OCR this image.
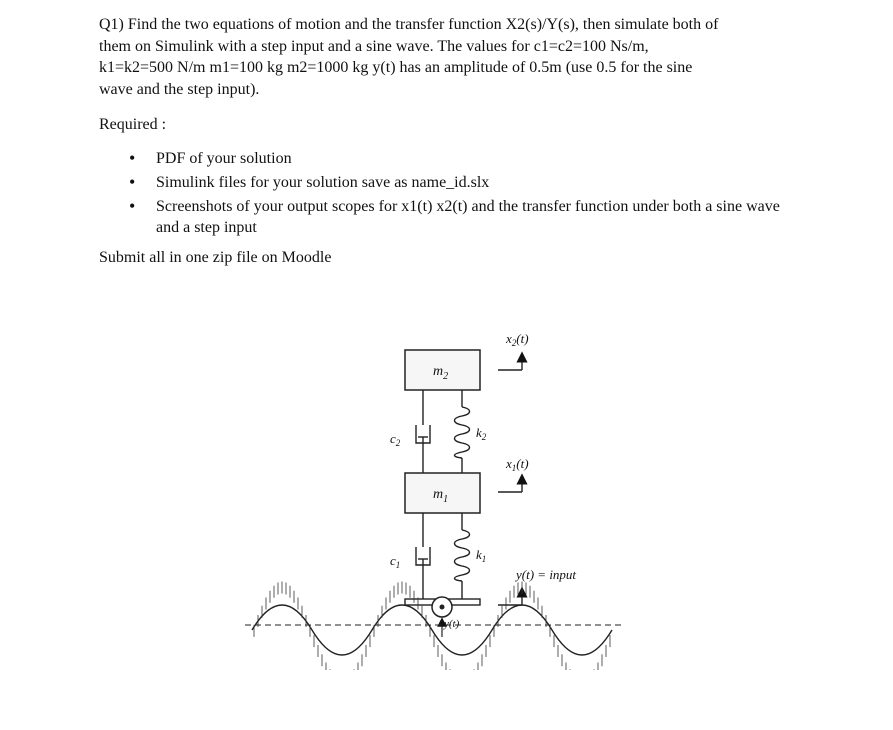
Q1) Find the two equations of motion and the transfer function X2(s)/Y(s), then simulate both of
them on Simulink with a step input and a sine wave. The values for c1=c2=100 Ns/m,
k1=k2=500 N/m m1=100 kg m2=1000 kg y(t) has an amplitude of 0.5m (use 0.5 for the sine
wave and the step input).

Required :

• PDF of your solution
• Simulink files for your solution save as name_id.slx
• Screenshots of your output scopes for x1(t) x2(t) and the transfer function under both a sine wave and a step input

Submit all in one zip file on Moodle

$m_2$
$m_1$
$c_2$
$k_2$
$c_1$
$k_1$
y(t)
$x_2(t)$
$x_1(t)$
y(t) = input
